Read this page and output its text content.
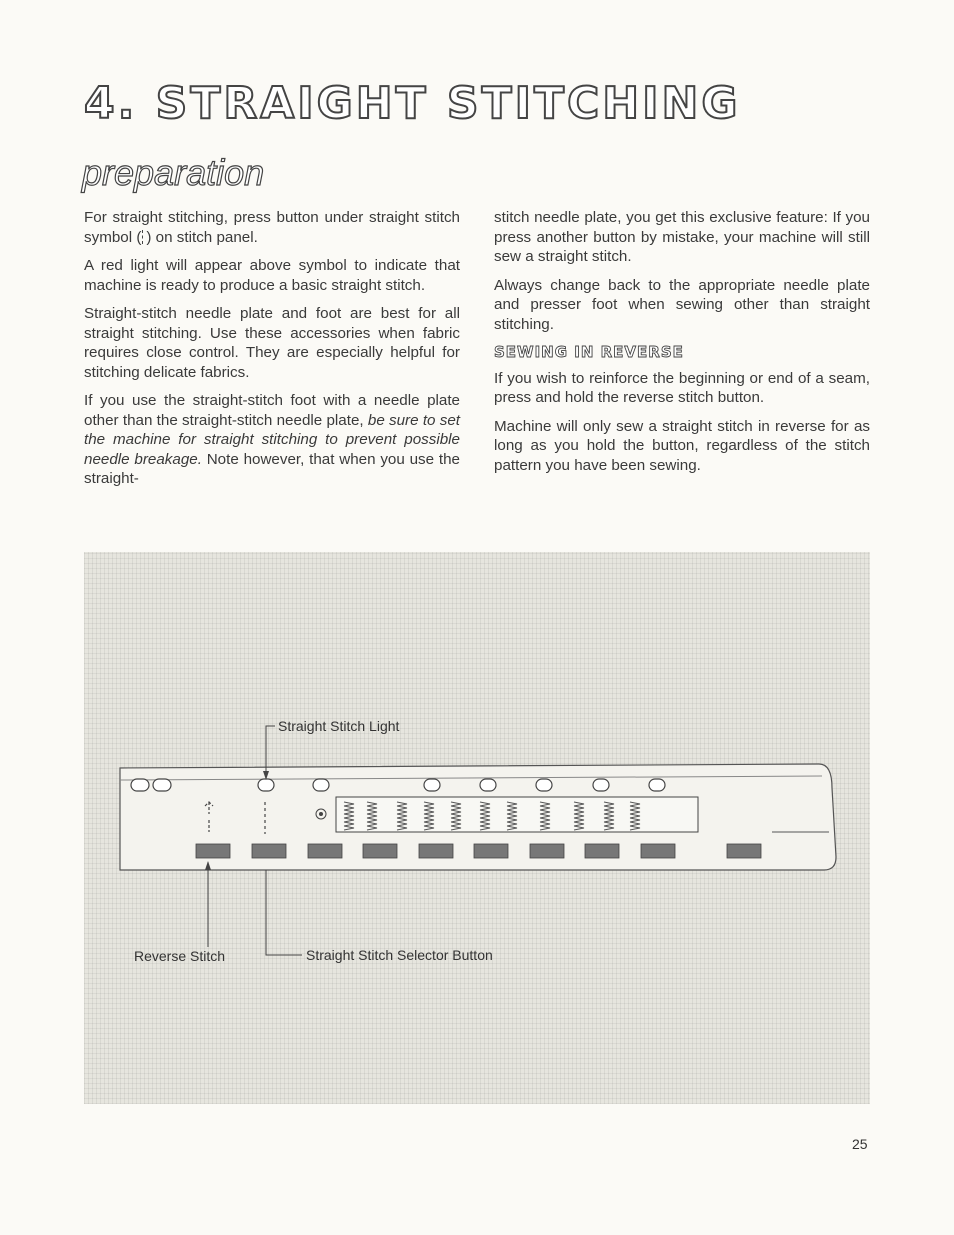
4. STRAIGHT STITCHING
preparation

For straight stitching, press button under straight stitch symbol ( ) on stitch panel.

A red light will appear above symbol to indicate that machine is ready to produce a basic straight stitch.

Straight-stitch needle plate and foot are best for all straight stitching. Use these accessories when fabric requires close control. They are especially helpful for stitching delicate fabrics.

If you use the straight-stitch foot with a needle plate other than the straight-stitch needle plate, be sure to set the machine for straight stitching to prevent possible needle breakage. Note however, that when you use the straight-

stitch needle plate, you get this exclusive feature: If you press another button by mistake, your machine will still sew a straight stitch.

Always change back to the appropriate needle plate and presser foot when sewing other than straight stitching.

SEWING IN REVERSE

If you wish to reinforce the beginning or end of a seam, press and hold the reverse stitch button.

Machine will only sew a straight stitch in reverse for as long as you hold the button, regardless of the stitch pattern you have been sewing.

Straight Stitch Light
Reverse Stitch	Straight Stitch Selector Button
25
